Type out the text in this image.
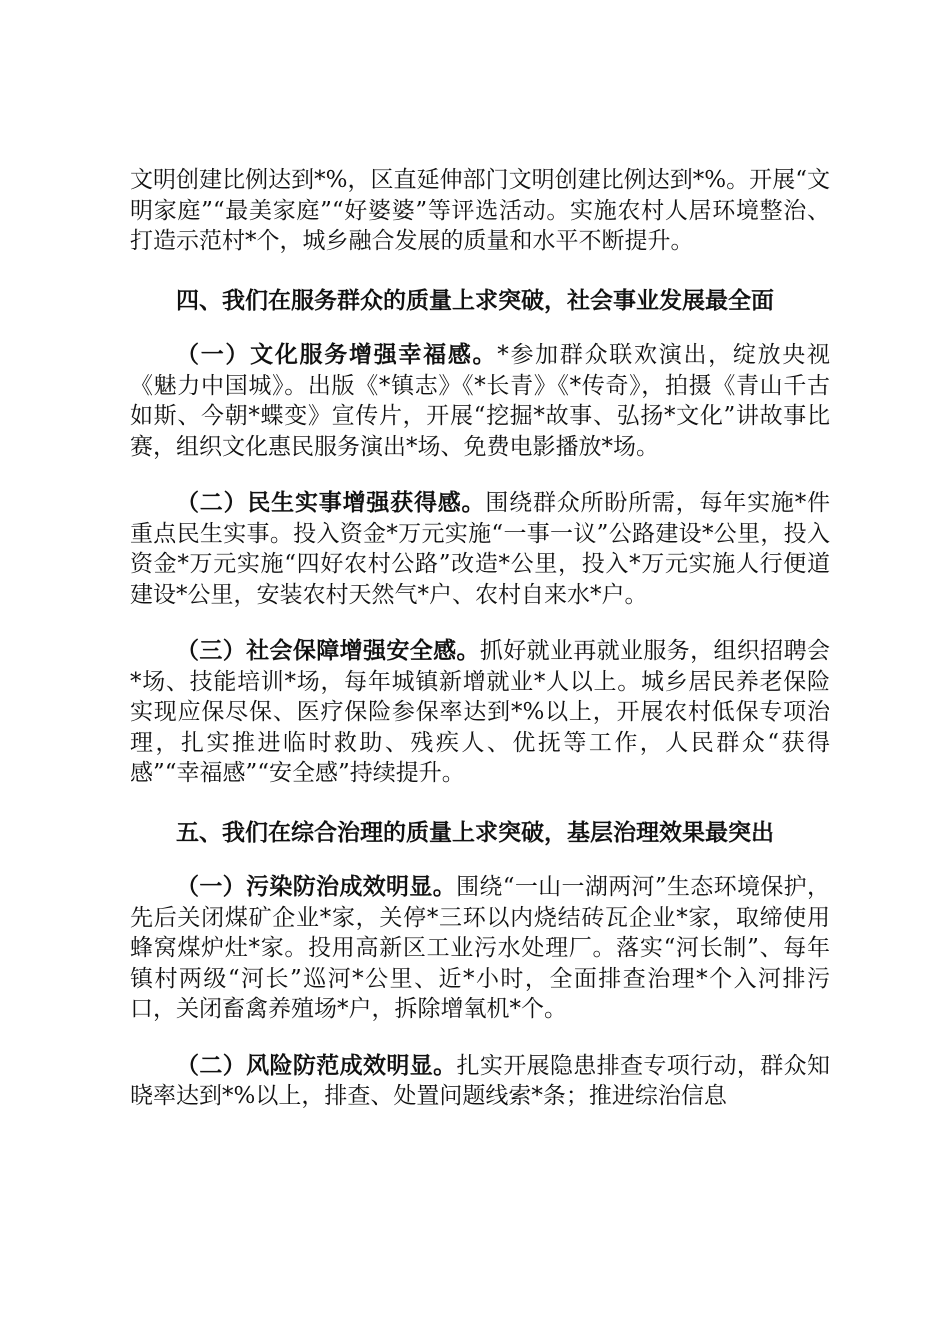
文明创建比例达到*%，区直延伸部门文明创建比例达到*%。开展“文明家庭”“最美家庭”“好婆婆”等评选活动。实施农村人居环境整治、打造示范村*个，城乡融合发展的质量和水平不断提升。

四、我们在服务群众的质量上求突破，社会事业发展最全面

（一）文化服务增强幸福感。*参加群众联欢演出，绽放央视《魅力中国城》。出版《*镇志》《*长青》《*传奇》，拍摄《青山千古如斯、今朝*蝶变》宣传片，开展“挖掘*故事、弘扬*文化”讲故事比赛，组织文化惠民服务演出*场、免费电影播放*场。

（二）民生实事增强获得感。围绕群众所盼所需，每年实施*件重点民生实事。投入资金*万元实施“一事一议”公路建设*公里，投入资金*万元实施“四好农村公路”改造*公里，投入*万元实施人行便道建设*公里，安装农村天然气*户、农村自来水*户。

（三）社会保障增强安全感。抓好就业再就业服务，组织招聘会*场、技能培训*场，每年城镇新增就业*人以上。城乡居民养老保险实现应保尽保、医疗保险参保率达到*%以上，开展农村低保专项治理，扎实推进临时救助、残疾人、优抚等工作，人民群众“获得感”“幸福感”“安全感”持续提升。

五、我们在综合治理的质量上求突破，基层治理效果最突出

（一）污染防治成效明显。围绕“一山一湖两河”生态环境保护，先后关闭煤矿企业*家，关停*三环以内烧结砖瓦企业*家，取缔使用蜂窝煤炉灶*家。投用高新区工业污水处理厂。落实“河长制”、每年镇村两级“河长”巡河*公里、近*小时，全面排查治理*个入河排污口，关闭畜禽养殖场*户，拆除增氧机*个。

（二）风险防范成效明显。扎实开展隐患排查专项行动，群众知晓率达到*%以上，排查、处置问题线索*条；推进综治信息
